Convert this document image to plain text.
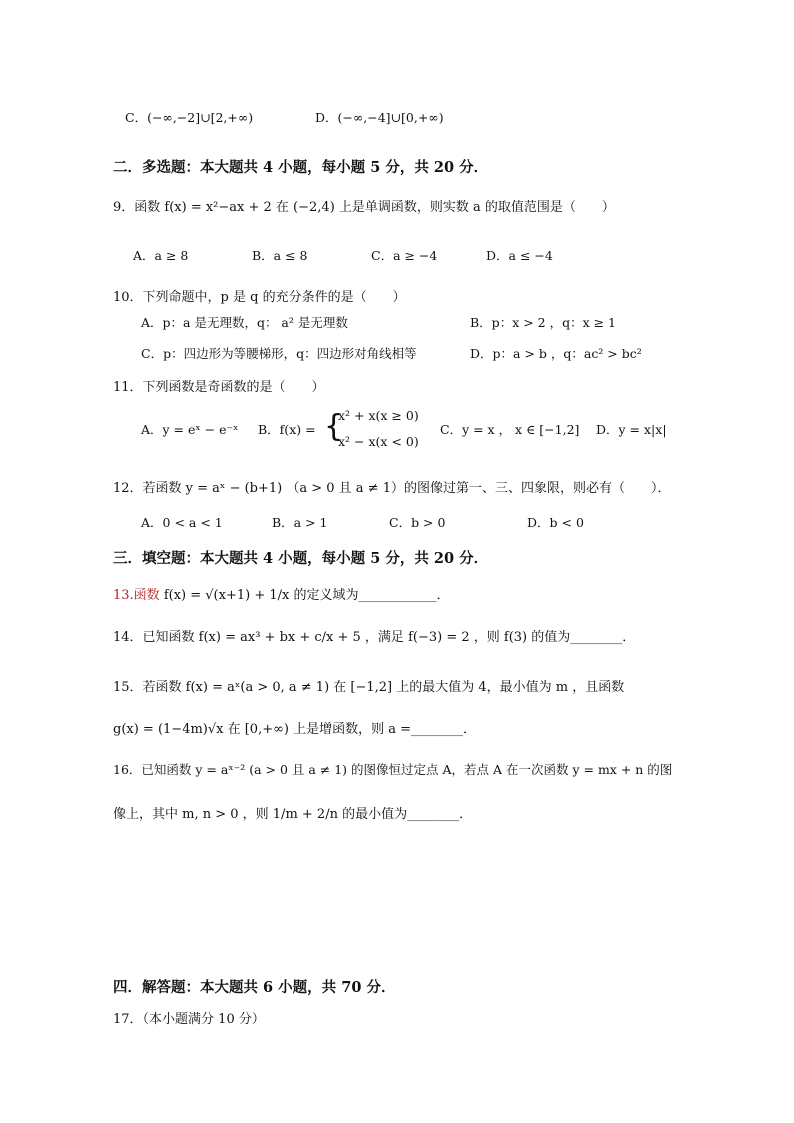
C．(−∞,−2]∪[2,+∞)	D．(−∞,−4]∪[0,+∞)
二．多选题：本大题共 4 小题，每小题 5 分，共 20 分．
9．函数 f(x) = x²−ax + 2 在 (−2,4) 上是单调函数，则实数 a 的取值范围是（　　）
A．a ≥ 8	B．a ≤ 8	C．a ≥ −4	D．a ≤ −4
10．下列命题中，p 是 q 的充分条件的是（　　）
A．p：a 是无理数，q： a² 是无理数	B．p：x > 2 ，q：x ≥ 1
C．p：四边形为等腰梯形，q：四边形对角线相等	D．p：a > b ，q：ac² > bc²
11．下列函数是奇函数的是（　　）
A．y = eˣ − e⁻ˣ B．f(x) = {
x² + x(x ≥ 0)
x² − x(x < 0)
C．y = x ， x ∈ [−1,2] D．y = x|x|
12．若函数 y = aˣ − (b+1) （a > 0 且 a ≠ 1）的图像过第一、三、四象限，则必有（　　）．
A．0 < a < 1	B．a > 1	C．b > 0	D．b < 0
三．填空题：本大题共 4 小题，每小题 5 分，共 20 分．
13.函数 f(x) = √(x+1) + 1/x 的定义域为____________．
14．已知函数 f(x) = ax³ + bx + c/x + 5 ，满足 f(−3) = 2 ，则 f(3) 的值为________．
15．若函数 f(x) = aˣ(a > 0, a ≠ 1) 在 [−1,2] 上的最大值为 4，最小值为 m ，且函数
g(x) = (1−4m)√x 在 [0,+∞) 上是增函数，则 a =________．
16．已知函数 y = aˣ⁻² (a > 0 且 a ≠ 1) 的图像恒过定点 A，若点 A 在一次函数 y = mx + n 的图
像上，其中 m, n > 0 ，则 1/m + 2/n 的最小值为________．
四．解答题：本大题共 6 小题，共 70 分．
17．（本小题满分 10 分）
